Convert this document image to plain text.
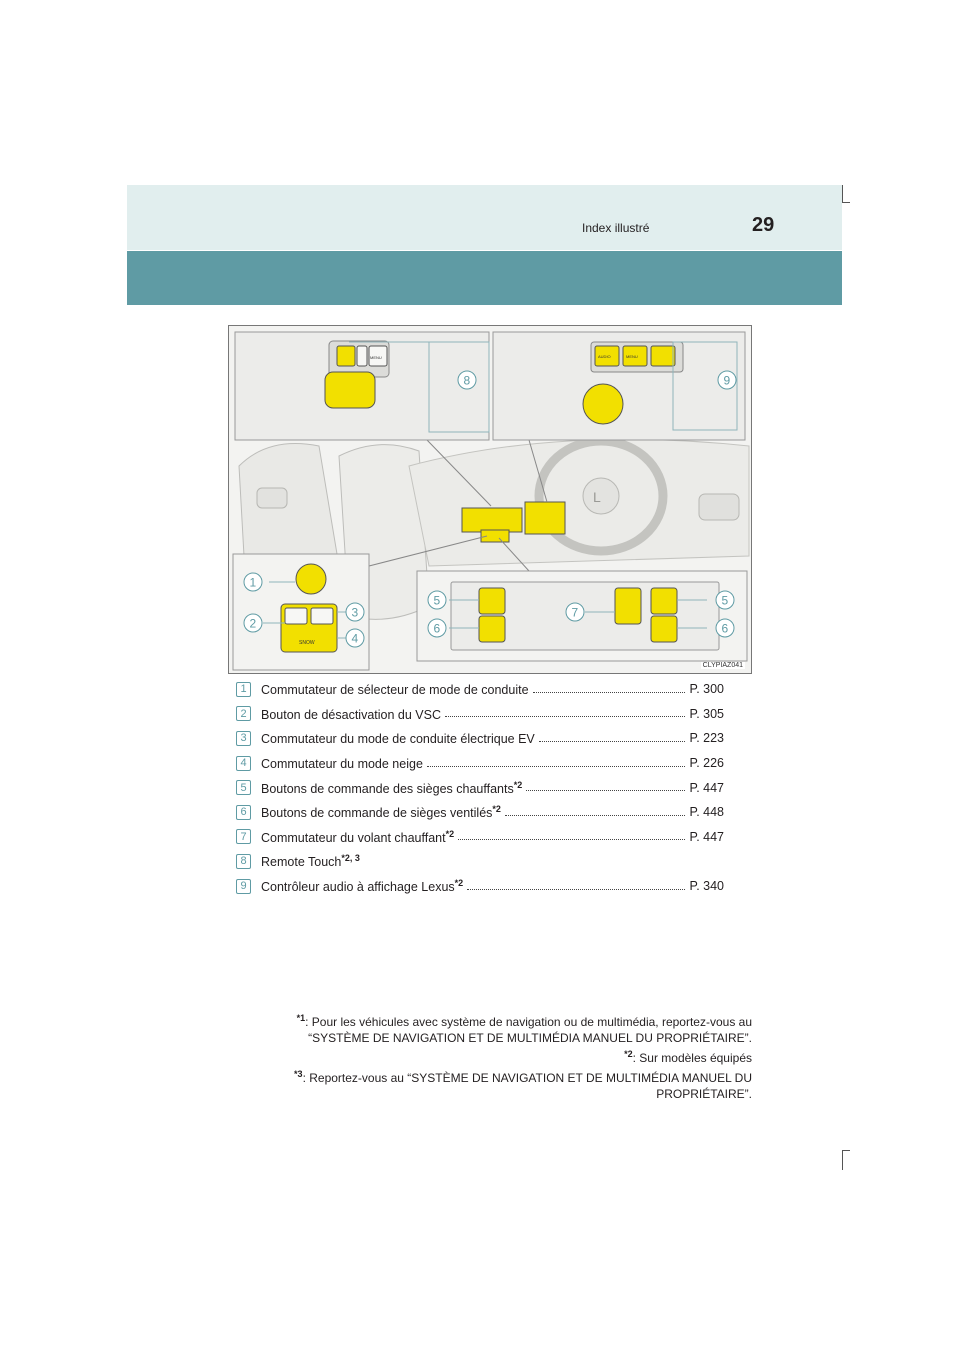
Index illustré	29
L
MENU	AUDIO	MENU
SNOW
1
2
3
4
5
6
7
5
6
8	9
CLYPIAZ041
1	Commutateur de sélecteur de mode de conduite	P. 300
2	Bouton de désactivation du VSC	P. 305
3	Commutateur du mode de conduite électrique EV	P. 223
4	Commutateur du mode neige	P. 226
5	Boutons de commande des sièges chauffants$^{*2}$	P. 447
6	Boutons de commande de sièges ventilés$^{*2}$	P. 448
7	Commutateur du volant chauffant$^{*2}$	P. 447
8	Remote Touch$^{*2, 3}$
9	Contrôleur audio à affichage Lexus$^{*2}$	P. 340
$^{*1}$: Pour les véhicules avec système de navigation ou de multimédia, reportez-vous au
“SYSTÈME DE NAVIGATION ET DE MULTIMÉDIA MANUEL DU PROPRIÉTAIRE”.
$^{*2}$: Sur modèles équipés
$^{*3}$: Reportez-vous au “SYSTÈME DE NAVIGATION ET DE MULTIMÉDIA MANUEL DU
PROPRIÉTAIRE”.
